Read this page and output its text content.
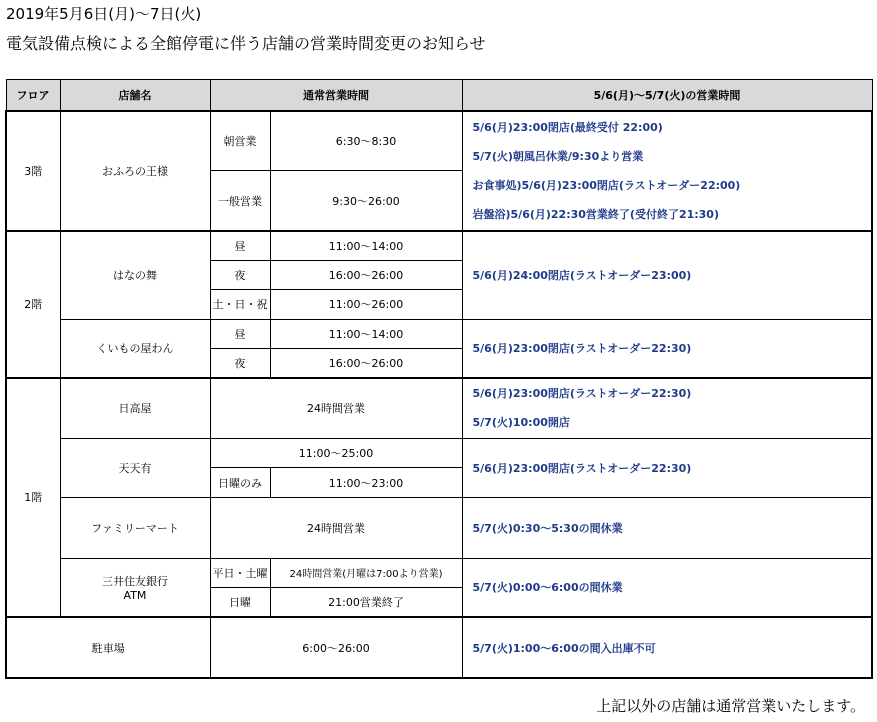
2019年5月6日(月)〜7日(火)
電気設備点検による全館停電に伴う店舗の営業時間変更のお知らせ
フロア	店舗名	通常営業時間		5/6(月)〜5/7(火)の営業時間
3階	おふろの王様	朝営業	6:30〜8:30	5/6(月)23:00閉店(最終受付 22:00)
5/7(火)朝風呂休業/9:30より営業
お食事処)5/6(月)23:00閉店(ラストオーダー22:00)
岩盤浴)5/6(月)22:30営業終了(受付終了21:30)

		一般営業	9:30〜26:00	
2階	はなの舞	昼	11:00〜14:00	5/6(月)24:00閉店(ラストオーダー23:00)
		夜	16:00〜26:00	
		土・日・祝	11:00〜26:00	
	くいもの屋わん	昼	11:00〜14:00	5/6(月)23:00閉店(ラストオーダー22:30)
		夜	16:00〜26:00	
1階	日高屋	24時間営業		5/6(月)23:00閉店(ラストオーダー22:30)
5/7(火)10:00開店

	天天有	11:00〜25:00		5/6(月)23:00閉店(ラストオーダー22:30)
		日曜のみ	11:00〜23:00	
	ファミリーマート	24時間営業		5/7(火)0:30〜5:30の間休業

	三井住友銀行
ATM	平日・土曜	24時間営業(月曜は7:00より営業)	5/7(火)0:00〜6:00の間休業
		日曜	21:00営業終了	
駐車場		6:00〜26:00		5/7(火)1:00〜6:00の間入出庫不可
上記以外の店舗は通常営業いたします。
